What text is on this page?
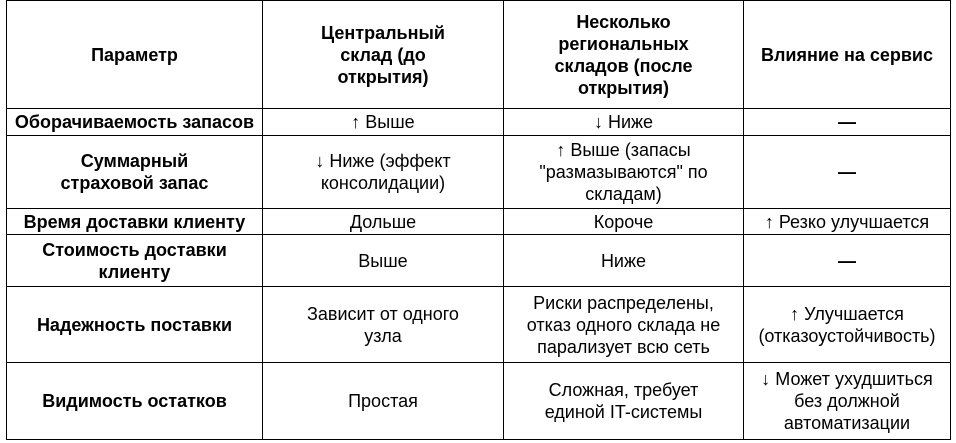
Параметр	Центральный склад (до открытия)	Несколько региональных складов (после открытия)	Влияние на сервис
Оборачиваемость запасов	↑ Выше	↓ Ниже	—
Суммарный страховой запас	↓ Ниже (эффект консолидации)	↑ Выше (запасы "размазываются" по складам)	—
Время доставки клиенту	Дольше	Короче	↑ Резко улучшается
Стоимость доставки клиенту	Выше	Ниже	—
Надежность поставки	Зависит от одного узла	Риски распределены, отказ одного склада не парализует всю сеть	↑ Улучшается (отказоустойчивость)
Видимость остатков	Простая	Сложная, требует единой IT-системы	↓ Может ухудшиться без должной автоматизации
